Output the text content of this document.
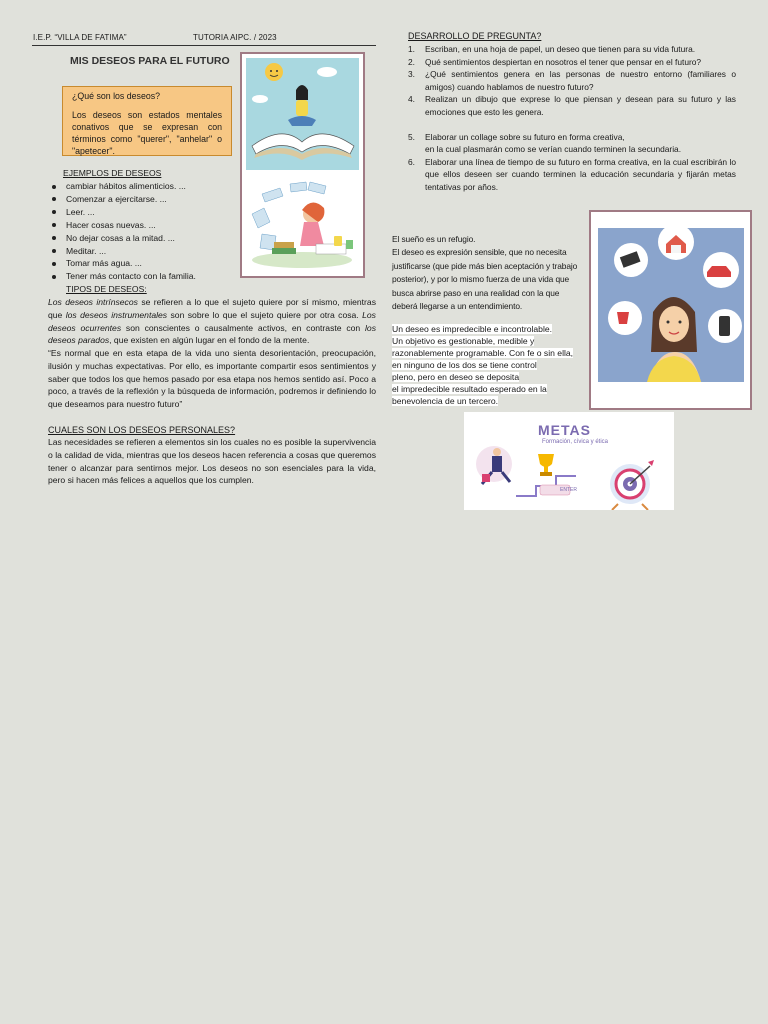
I.E.P. “VILLA DE FATIMA”	TUTORIA AIPC. / 2023
MIS DESEOS PARA EL FUTURO
¿Qué son los deseos?
Los deseos son estados mentales conativos que se expresan con términos como "querer", "anhelar" o "apetecer".
EJEMPLOS DE DESEOS
cambiar hábitos alimenticios. ...
Comenzar a ejercitarse. ...
Leer. ...
Hacer cosas nuevas. ...
No dejar cosas a la mitad. ...
Meditar. ...
Tomar más agua. ...
Tener más contacto con la familia.
TIPOS DE DESEOS:
Los deseos intrínsecos se refieren a lo que el sujeto quiere por sí mismo, mientras que los deseos instrumentales son sobre lo que el sujeto quiere por otra cosa. Los deseos ocurrentes son conscientes o causalmente activos, en contraste con los deseos parados, que existen en algún lugar en el fondo de la mente.
“Es normal que en esta etapa de la vida uno sienta desorientación, preocupación, ilusión y muchas expectativas. Por ello, es importante compartir esos sentimientos y saber que todos los que hemos pasado por esa etapa nos hemos sentido así. Poco a poco, a través de la reflexión y la búsqueda de información, podremos ir definiendo lo que deseamos para nuestro futuro”
CUALES SON LOS DESEOS PERSONALES?
Las necesidades se refieren a elementos sin los cuales no es posible la supervivencia o la calidad de vida, mientras que los deseos hacen referencia a cosas que queremos tener o alcanzar para sentirnos mejor. Los deseos no son esenciales para la vida, pero si hacen más felices a aquellos que los cumplen.
DESARROLLO DE PREGUNTA?
1. Escriban, en una hoja de papel, un deseo que tienen para su vida futura.
2. Qué sentimientos despiertan en nosotros el tener que pensar en el futuro?
3. ¿Qué sentimientos genera en las personas de nuestro entorno (familiares o amigos) cuando hablamos de nuestro futuro?
4. Realizan un dibujo que exprese lo que piensan y desean para su futuro y las emociones que esto les genera.
5. Elaborar un collage sobre su futuro en forma creativa,
en la cual plasmarán como se verían cuando terminen la secundaria.
6. Elaborar una línea de tiempo de su futuro en forma creativa, en la cual escribirán lo que ellos deseen ser cuando terminen la educación secundaria y fijarán metas tentativas por años.
El sueño es un refugio.
El deseo es expresión sensible, que no necesita
justificarse (que pide más bien aceptación y trabajo
posterior), y por lo mismo fuerza de una vida que
busca abrirse paso en una realidad con la que
deberá llegarse a un entendimiento.
Un deseo es impredecible e incontrolable.
Un objetivo es gestionable, medible y
razonablemente programable. Con fe o sin ella,
en ninguno de los dos se tiene control
pleno, pero en deseo se deposita
el impredecible resultado esperado en la
benevolencia de un tercero.
METAS
Formación, cívica y ética
ENTER
